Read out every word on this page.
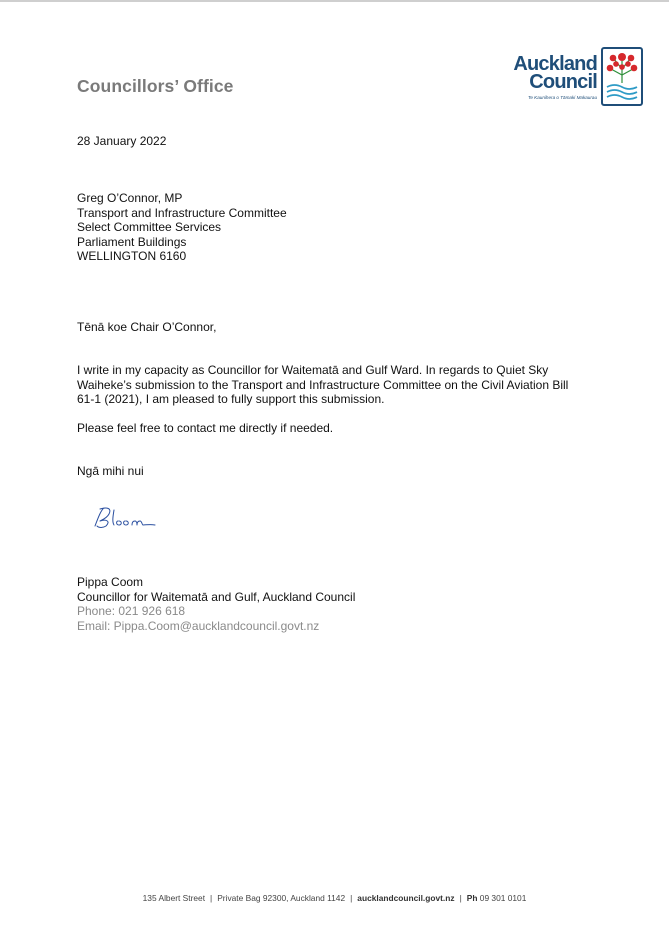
Councillors’ Office
Auckland
Council
Te Kaunihera o Tāmaki Makaurau
28 January 2022
Greg O’Connor, MP
Transport and Infrastructure Committee
Select Committee Services
Parliament Buildings
WELLINGTON 6160
Tēnā koe Chair O’Connor,
I write in my capacity as Councillor for Waitematā and Gulf Ward. In regards to Quiet Sky Waiheke’s submission to the Transport and Infrastructure Committee on the Civil Aviation Bill 61-1 (2021), I am pleased to fully support this submission.
Please feel free to contact me directly if needed.
Ngā mihi nui
Pippa Coom
Councillor for Waitematā and Gulf, Auckland Council
Phone: 021 926 618
Email: Pippa.Coom@aucklandcouncil.govt.nz
135 Albert Street | Private Bag 92300, Auckland 1142 | aucklandcouncil.govt.nz | Ph 09 301 0101
